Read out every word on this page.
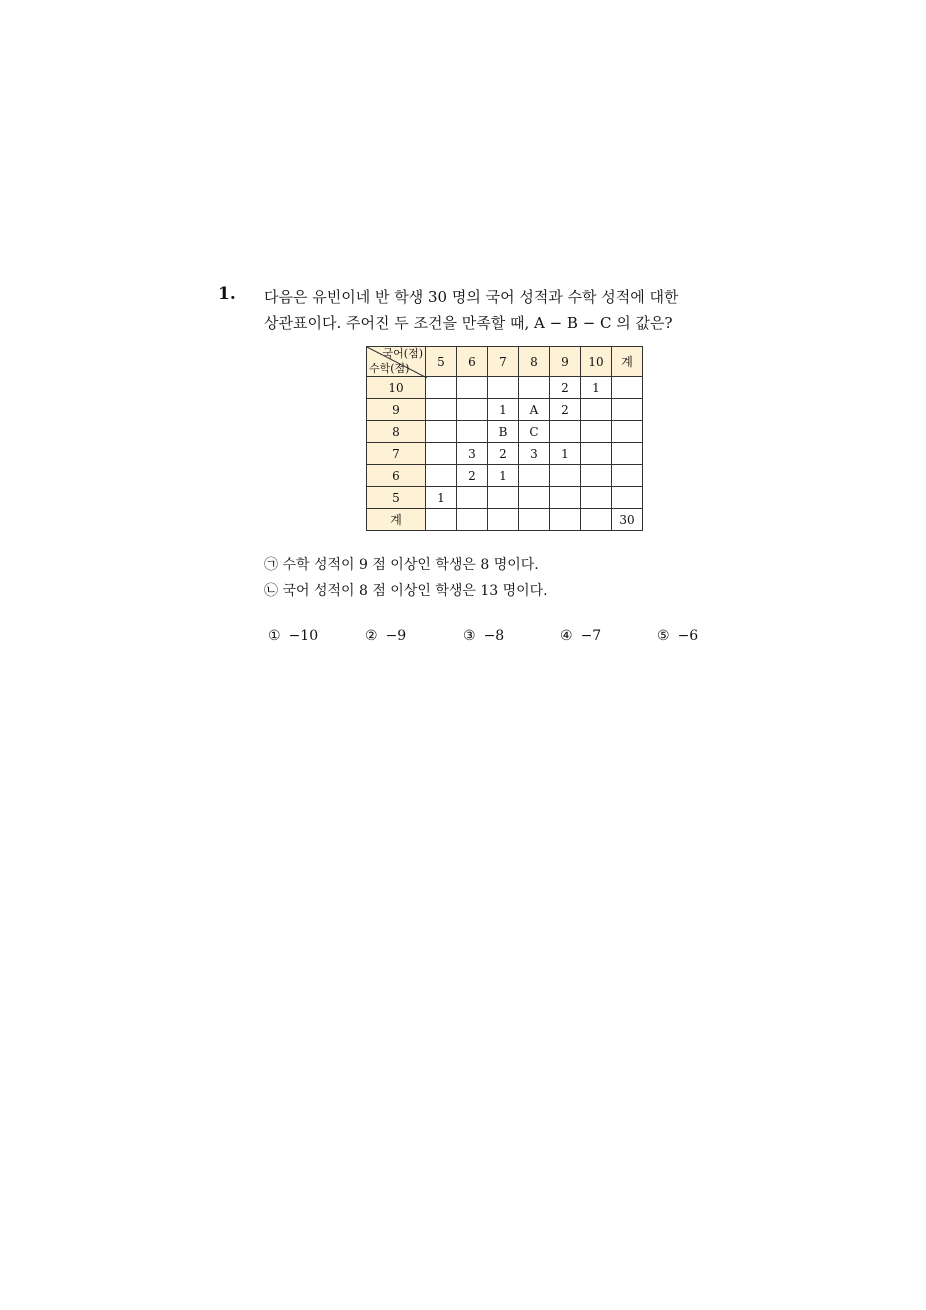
1. 다음은 유빈이네 반 학생 30 명의 국어 성적과 수학 성적에 대한
상관표이다. 주어진 두 조건을 만족할 때, A − B − C 의 값은?
국어(점)
수학(점)	5	6	7	8	9	10	계
10					2	1	
9			1	A	2		
8			B	C			
7		3	2	3	1		
6		2	1				
5	1						
계							30
㉠ 수학 성적이 9 점 이상인 학생은 8 명이다.
㉡ 국어 성적이 8 점 이상인 학생은 13 명이다.
① −10	② −9	③ −8	④ −7	⑤ −6
